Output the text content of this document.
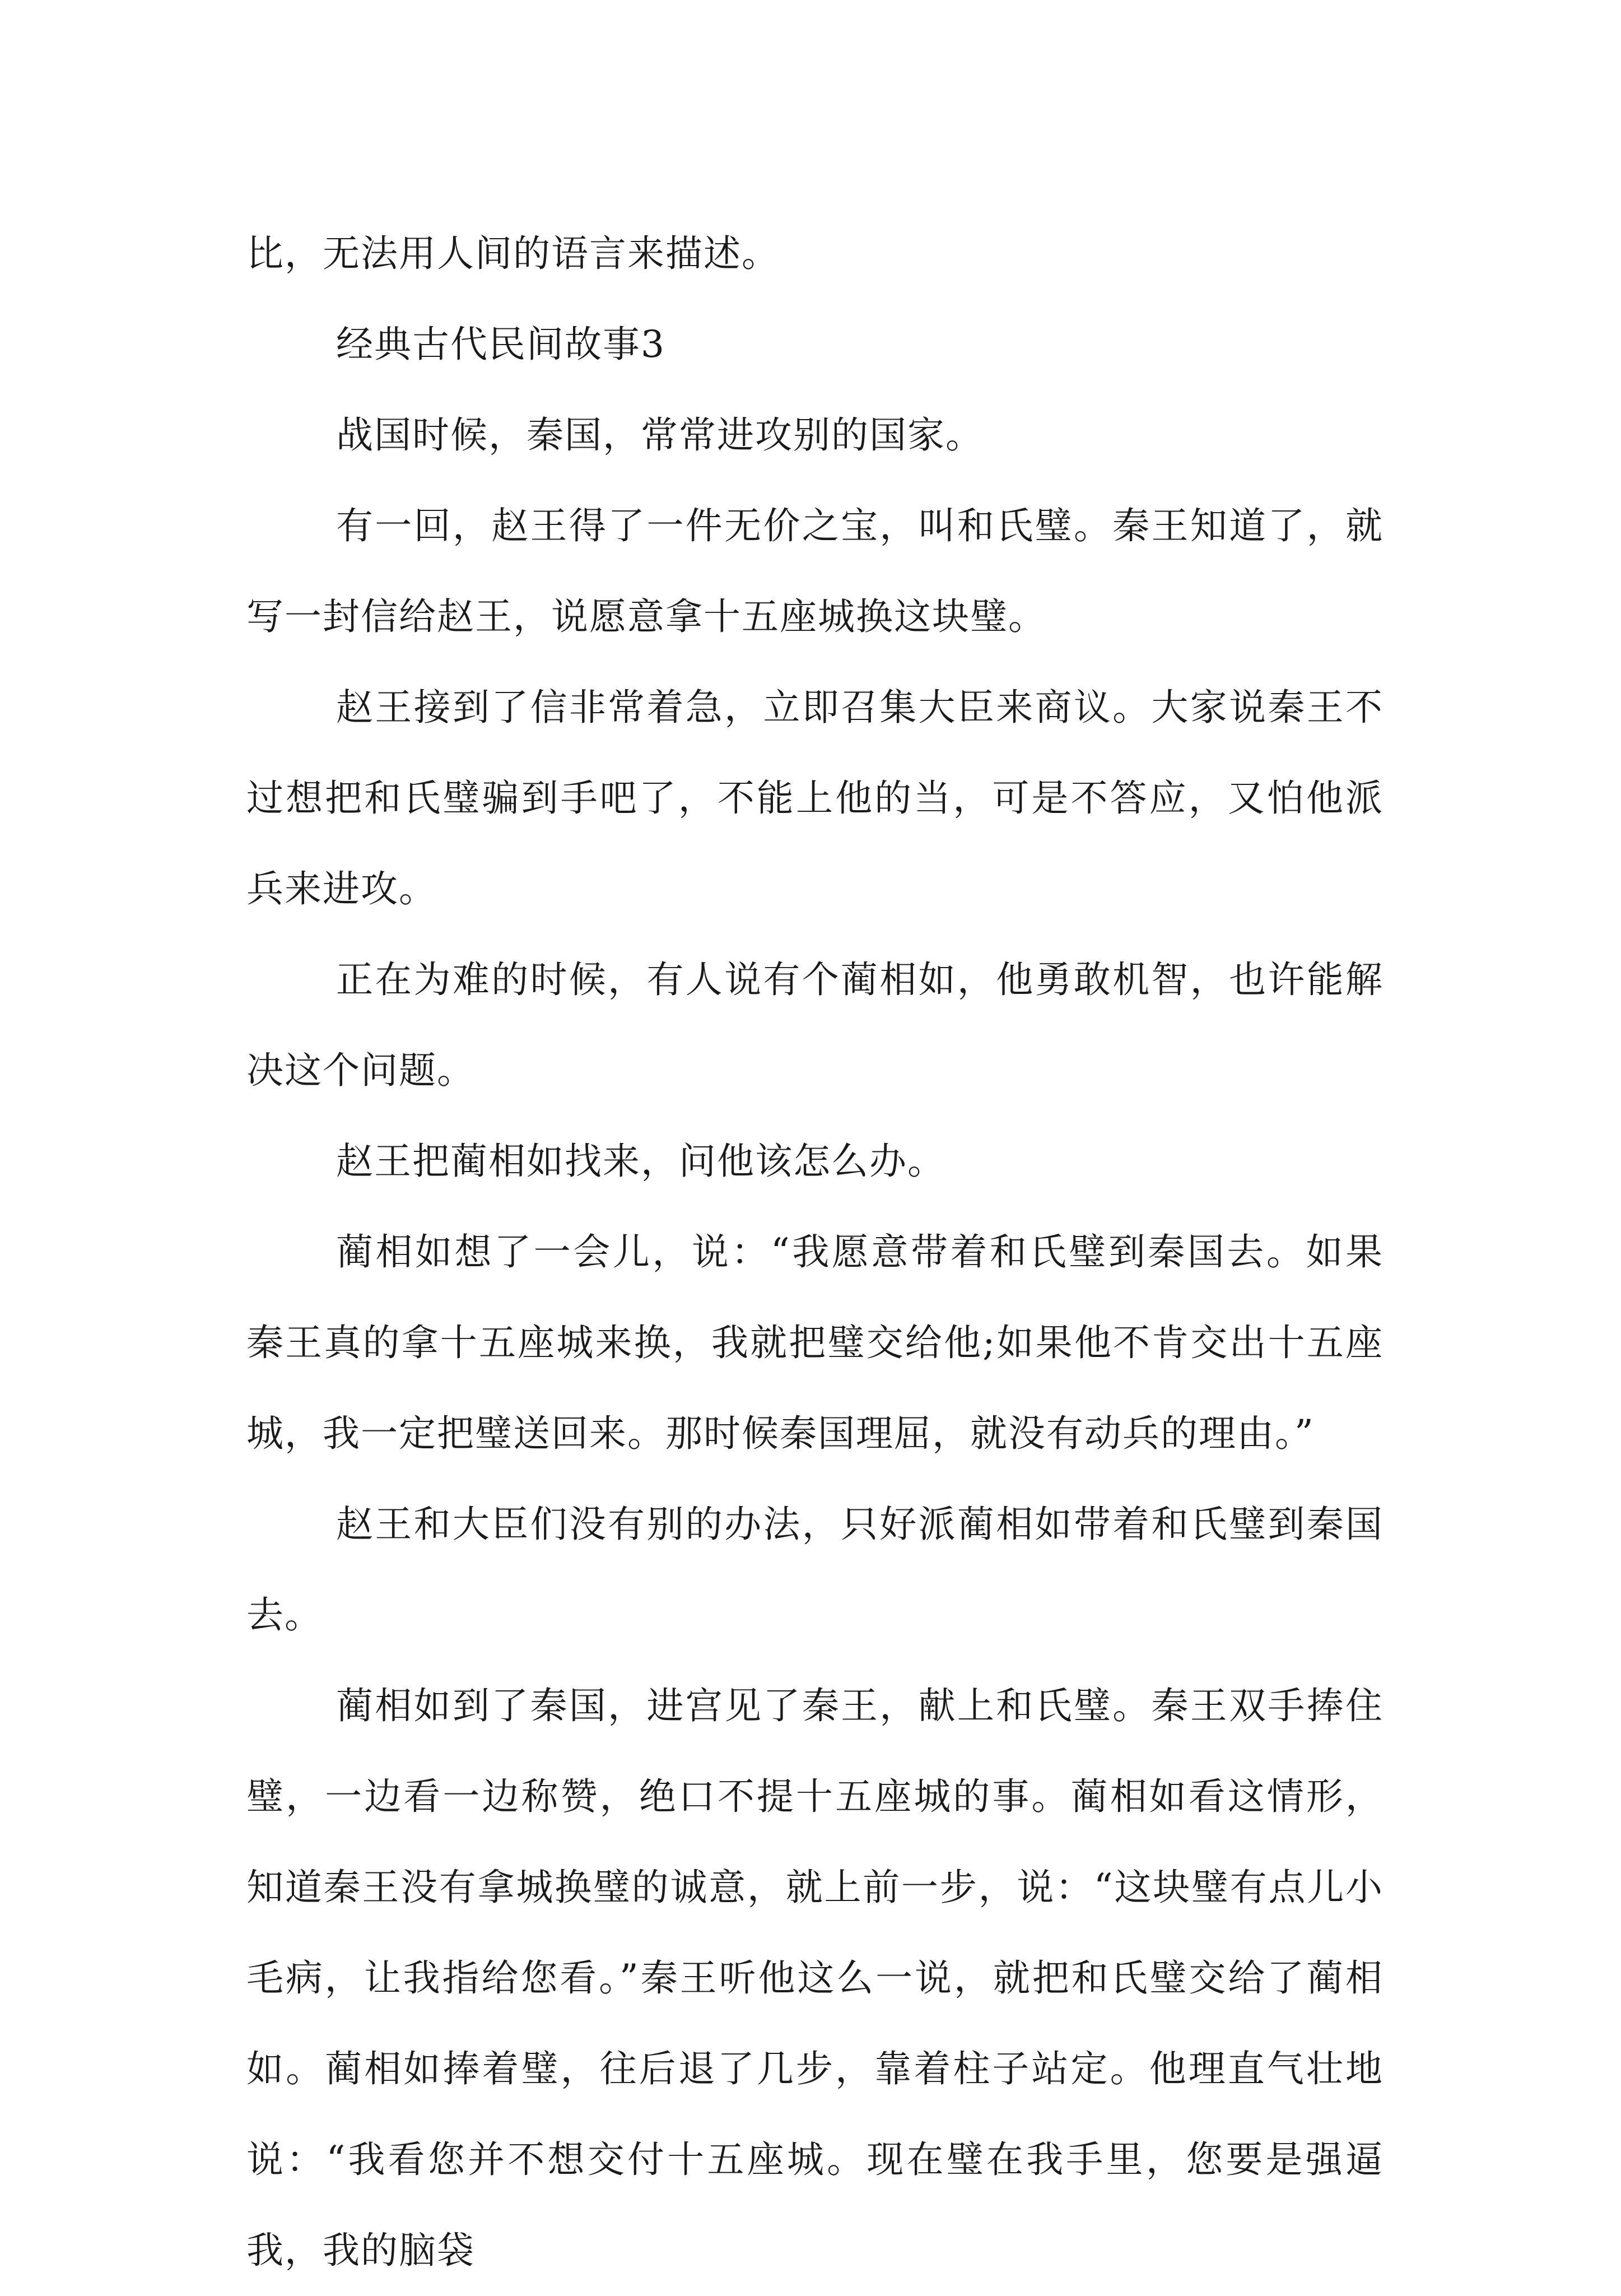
比，无法用人间的语言来描述。

经典古代民间故事3

战国时候，秦国，常常进攻别的国家。

有一回，赵王得了一件无价之宝，叫和氏璧。秦王知道了，就写一封信给赵王，说愿意拿十五座城换这块璧。

赵王接到了信非常着急，立即召集大臣来商议。大家说秦王不过想把和氏璧骗到手吧了，不能上他的当，可是不答应，又怕他派兵来进攻。

正在为难的时候，有人说有个蔺相如，他勇敢机智，也许能解决这个问题。

赵王把蔺相如找来，问他该怎么办。

蔺相如想了一会儿，说：“我愿意带着和氏璧到秦国去。如果秦王真的拿十五座城来换，我就把璧交给他;如果他不肯交出十五座城，我一定把璧送回来。那时候秦国理屈，就没有动兵的理由。”

赵王和大臣们没有别的办法，只好派蔺相如带着和氏璧到秦国去。

蔺相如到了秦国，进宫见了秦王，献上和氏璧。秦王双手捧住璧，一边看一边称赞，绝口不提十五座城的事。蔺相如看这情形，知道秦王没有拿城换璧的诚意，就上前一步，说：“这块璧有点儿小毛病，让我指给您看。”秦王听他这么一说，就把和氏璧交给了蔺相如。蔺相如捧着璧，往后退了几步，靠着柱子站定。他理直气壮地说：“我看您并不想交付十五座城。现在璧在我手里，您要是强逼我，我的脑袋
